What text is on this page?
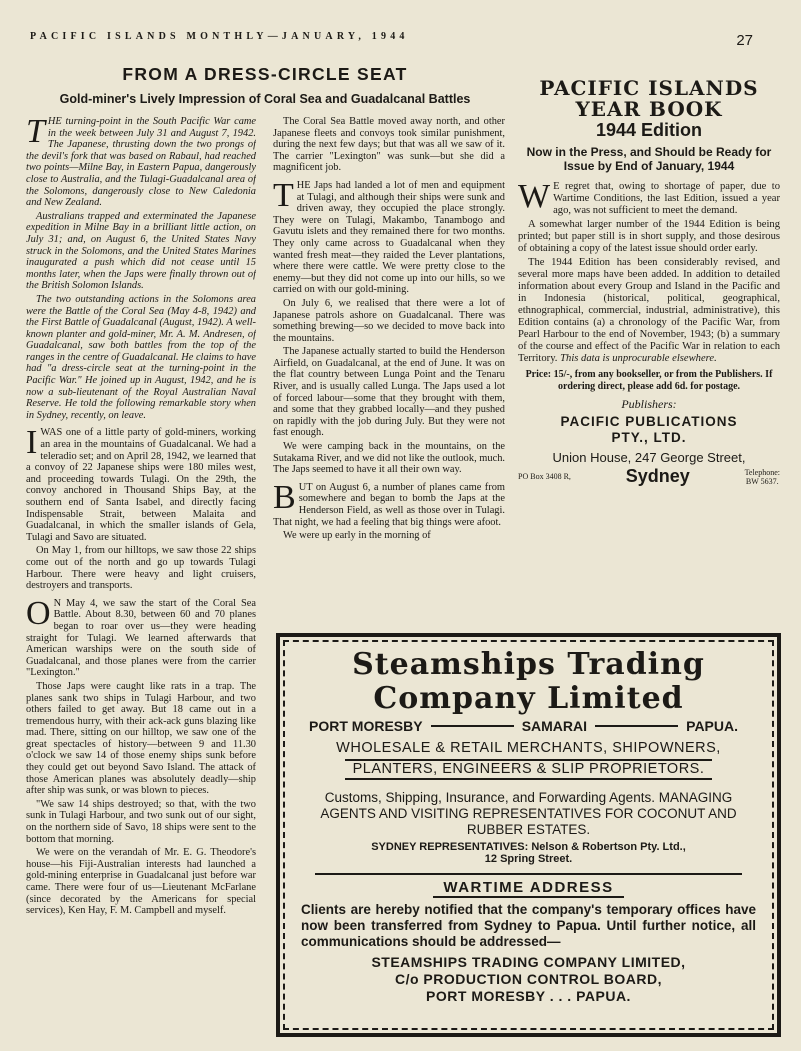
PACIFIC ISLANDS MONTHLY—JANUARY, 1944	27
FROM A DRESS-CIRCLE SEAT
Gold-miner's Lively Impression of Coral Sea and Guadalcanal Battles

THE turning-point in the South Pacific War came in the week between July 31 and August 7, 1942. The Japanese, thrusting down the two prongs of the devil's fork that was based on Rabaul, had reached two points—Milne Bay, in Eastern Papua, dangerously close to Australia, and the Tulagi-Guadalcanal area of the Solomons, dangerously close to New Caledonia and New Zealand.

Australians trapped and exterminated the Japanese expedition in Milne Bay in a brilliant little action, on July 31; and, on August 6, the United States Navy struck in the Solomons, and the United States Marines inaugurated a push which did not cease until 15 months later, when the Japs were finally thrown out of the British Solomon Islands.

The two outstanding actions in the Solomons area were the Battle of the Coral Sea (May 4-8, 1942) and the First Battle of Guadalcanal (August, 1942). A well-known planter and gold-miner, Mr. A. M. Andresen, of Guadalcanal, saw both battles from the top of the ranges in the centre of Guadalcanal. He claims to have had "a dress-circle seat at the turning-point in the Pacific War." He joined up in August, 1942, and he is now a sub-lieutenant of the Royal Australian Naval Reserve. He told the following remarkable story when in Sydney, recently, on leave.

IWAS one of a little party of gold-miners, working an area in the mountains of Guadalcanal. We had a teleradio set; and on April 28, 1942, we learned that a convoy of 22 Japanese ships were 180 miles west, and proceeding towards Tulagi. On the 29th, the convoy anchored in Thousand Ships Bay, at the southern end of Santa Isabel, and directly facing Indispensable Strait, between Malaita and Guadalcanal, in which the smaller islands of Gela, Tulagi and Savo are situated.

On May 1, from our hilltops, we saw those 22 ships come out of the north and go up towards Tulagi Harbour. There were heavy and light cruisers, destroyers and transports.

O N May 4, we saw the start of the Coral Sea Battle. About 8.30, between 60 and 70 planes began to roar over us—they were heading straight for Tulagi. We learned afterwards that American warships were on the south side of Guadalcanal, and those planes were from the carrier "Lexington."

Those Japs were caught like rats in a trap. The planes sank two ships in Tulagi Harbour, and two others failed to get away. But 18 came out in a tremendous hurry, with their ack-ack guns blazing like mad. There, sitting on our hilltop, we saw one of the great spectacles of history—between 9 and 11.30 o'clock we saw 14 of those enemy ships sunk before they could get out beyond Savo Island. The attack of those American planes was absolutely deadly—ship after ship was sunk, or was blown to pieces.

"We saw 14 ships destroyed; so that, with the two sunk in Tulagi Harbour, and two sunk out of our sight, on the northern side of Savo, 18 ships were sent to the bottom that morning.

We were on the verandah of Mr. E. G. Theodore's house—his Fiji-Australian interests had launched a gold-mining enterprise in Guadalcanal just before war came. There were four of us—Lieutenant McFarlane (since decorated by the Americans for special services), Ken Hay, F. M. Campbell and myself.

The Coral Sea Battle moved away north, and other Japanese fleets and convoys took similar punishment, during the next few days; but that was all we saw of it. The carrier "Lexington" was sunk—but she did a magnificent job.

THE Japs had landed a lot of men and equipment at Tulagi, and although their ships were sunk and driven away, they occupied the place strongly. They were on Tulagi, Makambo, Tanambogo and Gavutu islets and they remained there for two months. They only came across to Guadalcanal when they wanted fresh meat—they raided the Lever plantations, where there were cattle. We were pretty close to the enemy—but they did not come up into our hills, so we carried on with our gold-mining.

On July 6, we realised that there were a lot of Japanese patrols ashore on Guadalcanal. There was something brewing—so we decided to move back into the mountains.

The Japanese actually started to build the Henderson Airfield, on Guadalcanal, at the end of June. It was on the flat country between Lunga Point and the Tenaru River, and is usually called Lunga. The Japs used a lot of forced labour—some that they brought with them, and some that they grabbed locally—and they pushed on rapidly with the job during July. But they were not fast enough.

We were camping back in the mountains, on the Sutakama River, and we did not like the outlook, much. The Japs seemed to have it all their own way.

BUT on August 6, a number of planes came from somewhere and began to bomb the Japs at the Henderson Field, as well as those over in Tulagi. That night, we had a feeling that big things were afoot.

We were up early in the morning of

PACIFIC ISLANDS
YEAR BOOK
1944 Edition
Now in the Press, and Should be Ready for Issue by End of January, 1944

W E regret that, owing to shortage of paper, due to Wartime Conditions, the last Edition, issued a year ago, was not sufficient to meet the demand.

A somewhat larger number of the 1944 Edition is being printed; but paper still is in short supply, and those desirous of obtaining a copy of the latest issue should order early.

The 1944 Edition has been considerably revised, and several more maps have been added. In addition to detailed information about every Group and Island in the Pacific and in Indonesia (historical, political, geographical, ethnographical, commercial, industrial, administrative), this Edition contains (a) a chronology of the Pacific War, from Pearl Harbour to the end of November, 1943; (b) a summary of the course and effect of the Pacific War in relation to each Territory. This data is unprocurable elsewhere.

Price: 15/-, from any bookseller, or from the Publishers. If ordering direct, please add 6d. for postage.
Publishers:
PACIFIC PUBLICATIONS
PTY., LTD.
Union House, 247 George Street,
PO Box 3408 R,	Sydney	Telephone:
BW 5637.
Steamships Trading
Company Limited
PORT MORESBY	SAMARAI	PAPUA.
WHOLESALE & RETAIL MERCHANTS, SHIPOWNERS,
PLANTERS, ENGINEERS & SLIP PROPRIETORS.
Customs, Shipping, Insurance, and Forwarding Agents. MANAGING AGENTS AND VISITING REPRESENTATIVES FOR COCONUT AND RUBBER ESTATES.
SYDNEY REPRESENTATIVES: Nelson & Robertson Pty. Ltd.,
12 Spring Street.
WARTIME ADDRESS
Clients are hereby notified that the company's temporary offices have now been transferred from Sydney to Papua. Until further notice, all communications should be addressed—
STEAMSHIPS TRADING COMPANY LIMITED,
C/o PRODUCTION CONTROL BOARD,
PORT MORESBY . . . PAPUA.
